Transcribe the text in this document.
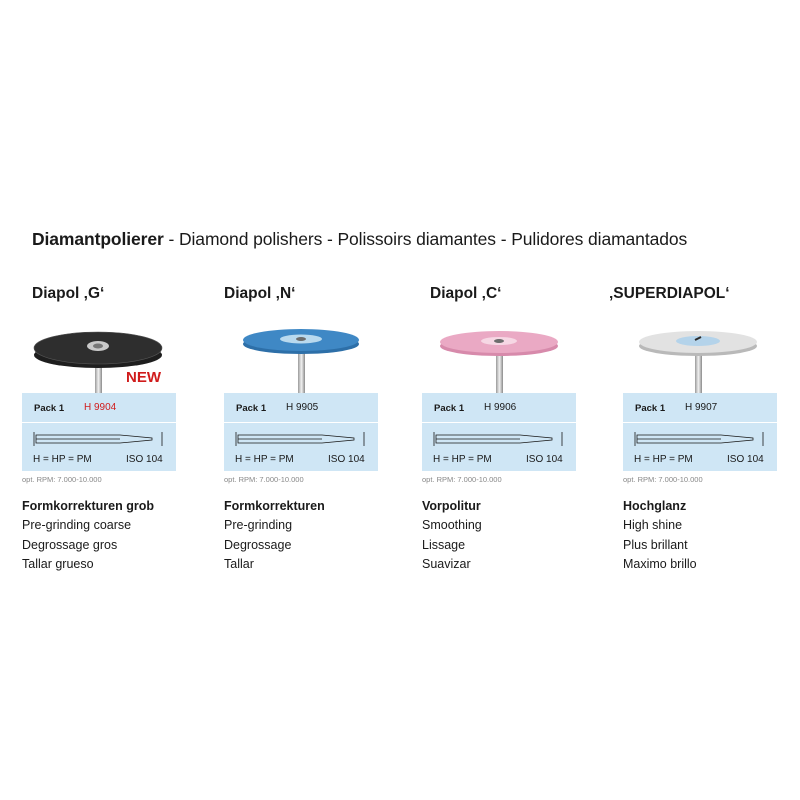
Diamantpolierer - Diamond polishers - Polissoirs diamantes - Pulidores diamantados
Diapol ‚G‘
NEW
Pack 1 H 9904
H = HP = PM	ISO 104
opt. RPM: 7.000-10.000
Formkorrekturen grob
Pre-grinding coarse
Degrossage gros
Tallar grueso
Diapol ‚N‘
Pack 1 H 9905
H = HP = PM	ISO 104
opt. RPM: 7.000-10.000
Formkorrekturen
Pre-grinding
Degrossage
Tallar
Diapol ‚C‘
Pack 1 H 9906
H = HP = PM	ISO 104
opt. RPM: 7.000-10.000
Vorpolitur
Smoothing
Lissage
Suavizar
‚SUPERDIAPOL‘
Pack 1 H 9907
H = HP = PM	ISO 104
opt. RPM: 7.000-10.000
Hochglanz
High shine
Plus brillant
Maximo brillo
